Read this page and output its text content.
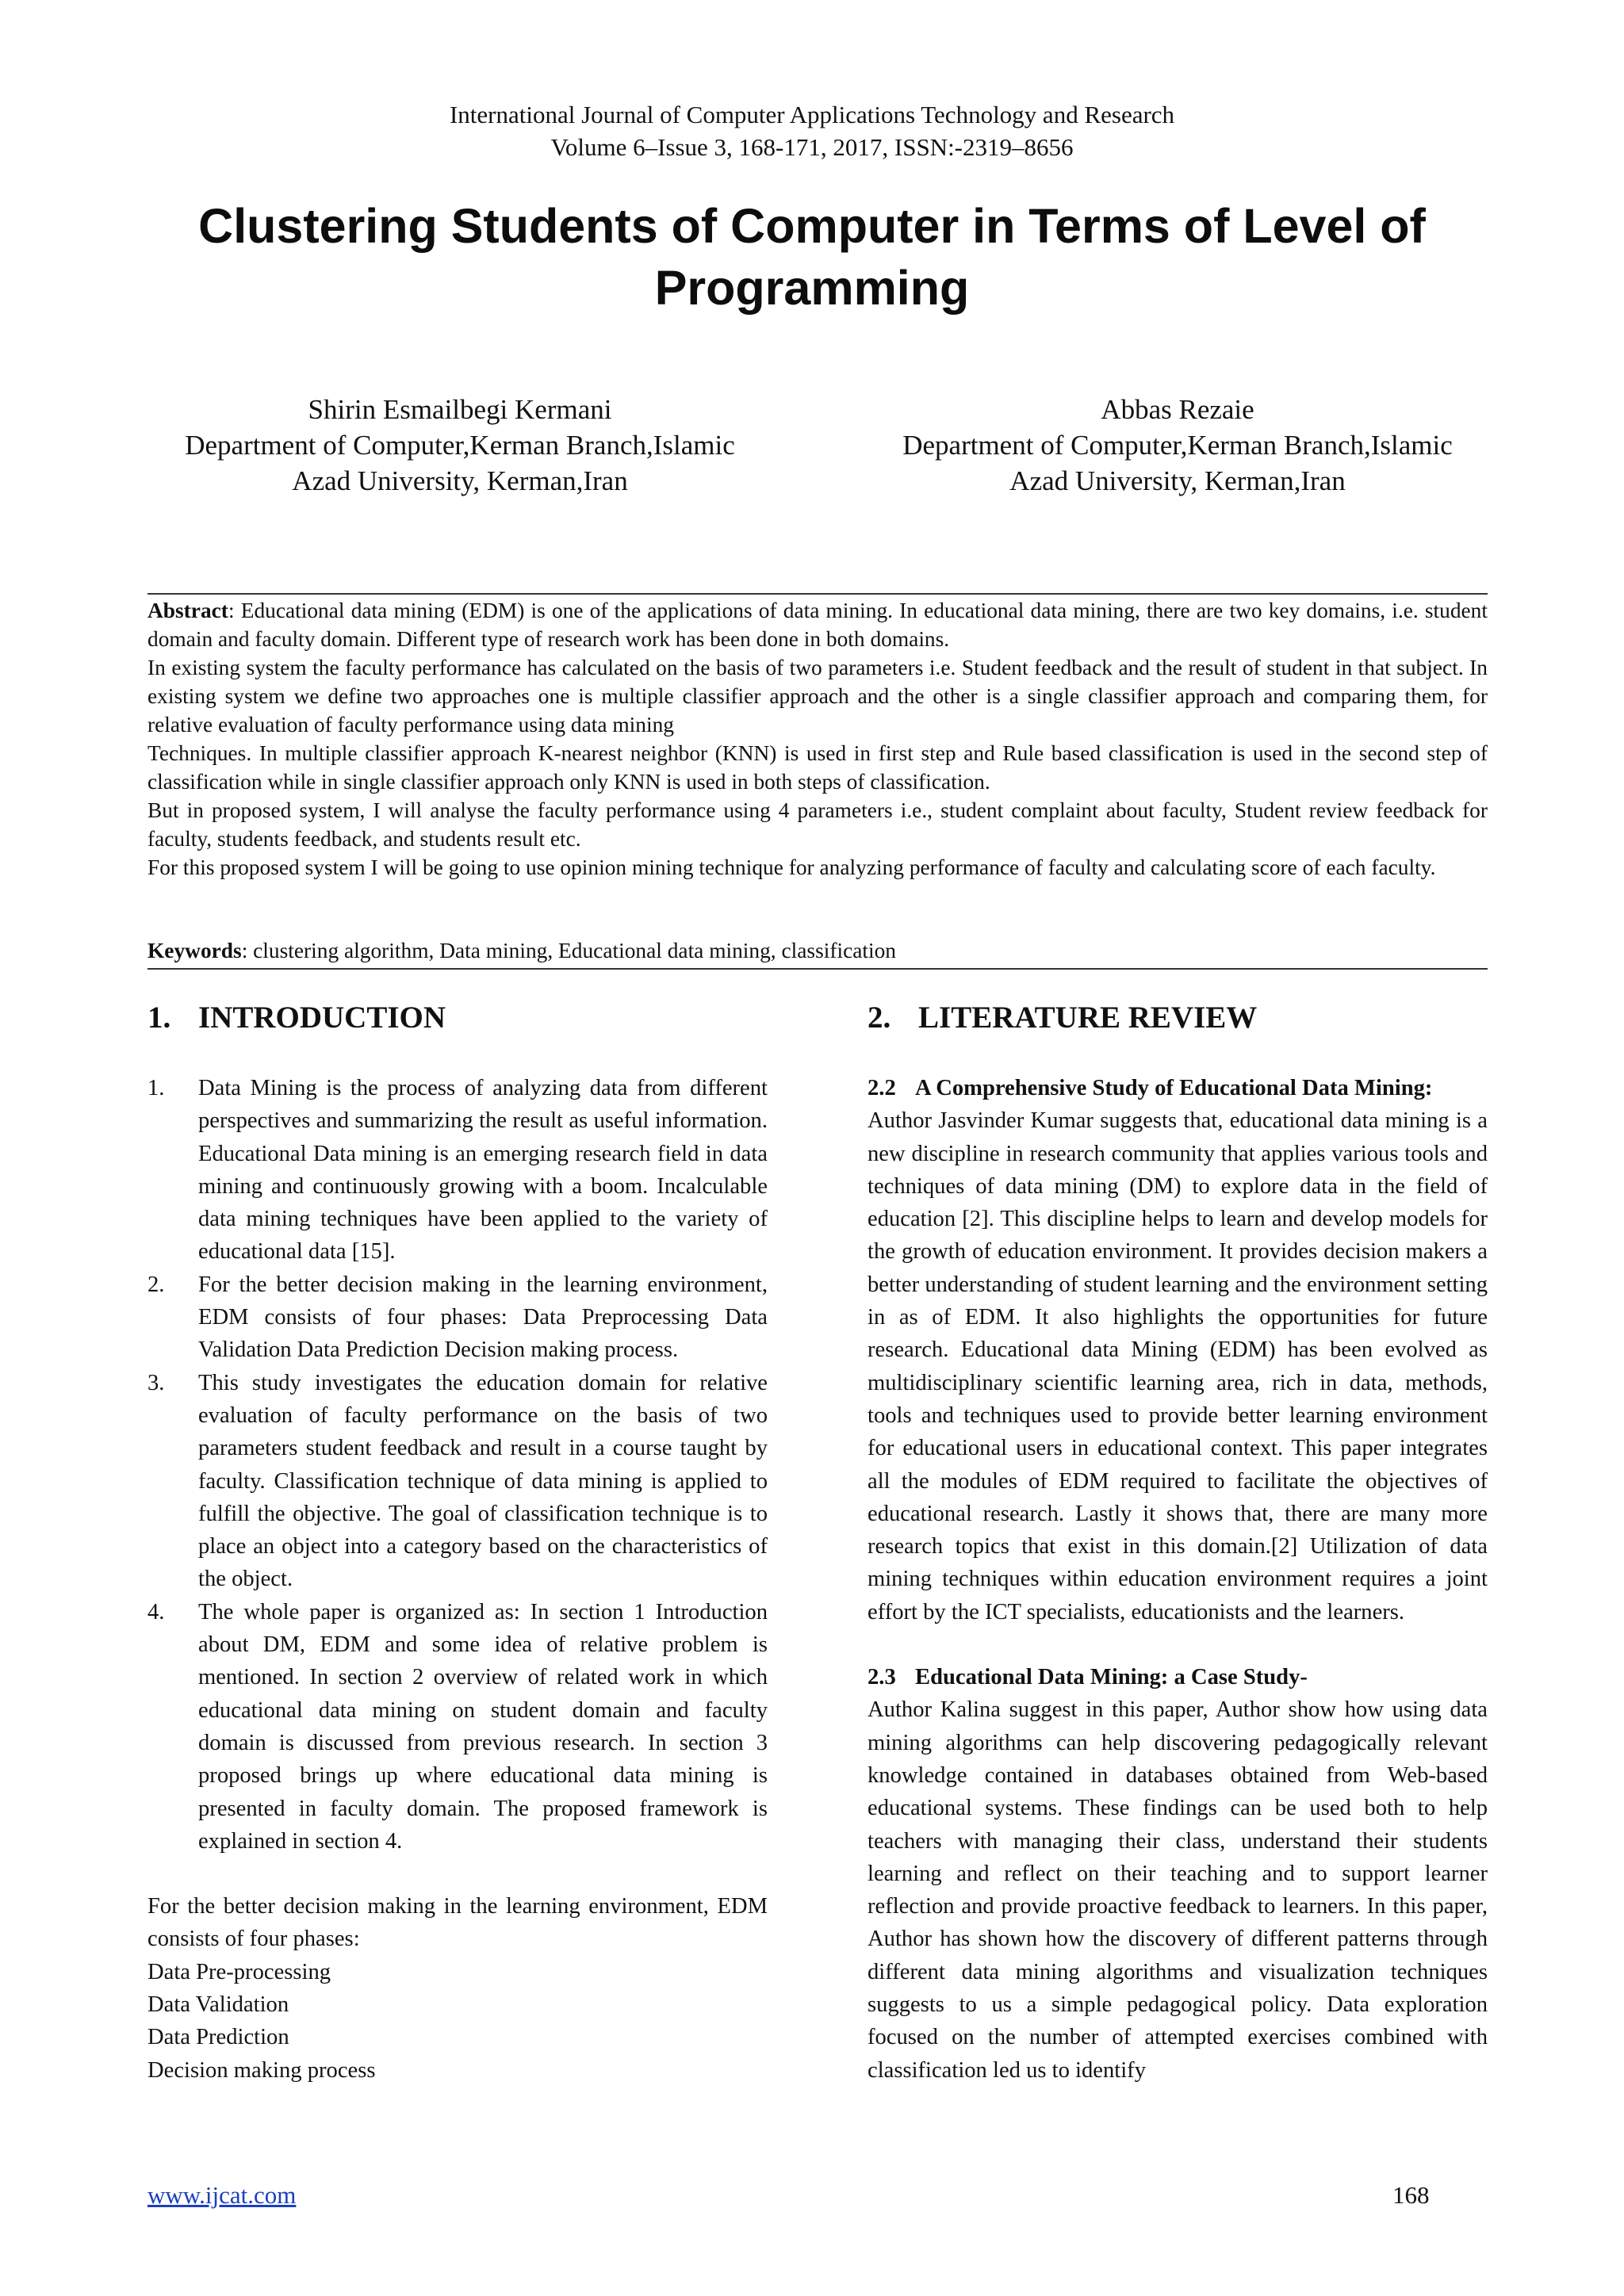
International Journal of Computer Applications Technology and Research
Volume 6–Issue 3, 168-171, 2017, ISSN:-2319–8656
Clustering Students of Computer in Terms of Level of
Programming
Shirin Esmailbegi Kermani
Department of Computer,Kerman Branch,Islamic
Azad University, Kerman,Iran
Abbas Rezaie
Department of Computer,Kerman Branch,Islamic
Azad University, Kerman,Iran

Abstract: Educational data mining (EDM) is one of the applications of data mining. In educational data mining, there are two key domains, i.e. student domain and faculty domain. Different type of research work has been done in both domains.

In existing system the faculty performance has calculated on the basis of two parameters i.e. Student feedback and the result of student in that subject. In existing system we define two approaches one is multiple classifier approach and the other is a single classifier approach and comparing them, for relative evaluation of faculty performance using data mining

Techniques. In multiple classifier approach K-nearest neighbor (KNN) is used in first step and Rule based classification is used in the second step of classification while in single classifier approach only KNN is used in both steps of classification.

But in proposed system, I will analyse the faculty performance using 4 parameters i.e., student complaint about faculty, Student review feedback for faculty, students feedback, and students result etc.

For this proposed system I will be going to use opinion mining technique for analyzing performance of faculty and calculating score of each faculty.

Keywords: clustering algorithm, Data mining, Educational data mining, classification
1. INTRODUCTION
1. Data Mining is the process of analyzing data from different perspectives and summarizing the result as useful information. Educational Data mining is an emerging research field in data mining and continuously growing with a boom. Incalculable data mining techniques have been applied to the variety of educational data [15].
2. For the better decision making in the learning environment, EDM consists of four phases: Data Preprocessing Data Validation Data Prediction Decision making process.
3. This study investigates the education domain for relative evaluation of faculty performance on the basis of two parameters student feedback and result in a course taught by faculty. Classification technique of data mining is applied to fulfill the objective. The goal of classification technique is to place an object into a category based on the characteristics of the object.
4. The whole paper is organized as: In section 1 Introduction about DM, EDM and some idea of relative problem is mentioned. In section 2 overview of related work in which educational data mining on student domain and faculty domain is discussed from previous research. In section 3 proposed brings up where educational data mining is presented in faculty domain. The proposed framework is explained in section 4.

For the better decision making in the learning environment, EDM consists of four phases:

Data Pre-processing

Data Validation

Data Prediction

Decision making process

2. LITERATURE REVIEW

2.2 A Comprehensive Study of Educational Data Mining:

Author Jasvinder Kumar suggests that, educational data mining is a new discipline in research community that applies various tools and techniques of data mining (DM) to explore data in the field of education [2]. This discipline helps to learn and develop models for the growth of education environment. It provides decision makers a better understanding of student learning and the environment setting in as of EDM. It also highlights the opportunities for future research. Educational data Mining (EDM) has been evolved as multidisciplinary scientific learning area, rich in data, methods, tools and techniques used to provide better learning environment for educational users in educational context. This paper integrates all the modules of EDM required to facilitate the objectives of educational research. Lastly it shows that, there are many more research topics that exist in this domain.[2] Utilization of data mining techniques within education environment requires a joint effort by the ICT specialists, educationists and the learners.

2.3 Educational Data Mining: a Case Study-

Author Kalina suggest in this paper, Author show how using data mining algorithms can help discovering pedagogically relevant knowledge contained in databases obtained from Web-based educational systems. These findings can be used both to help teachers with managing their class, understand their students learning and reflect on their teaching and to support learner reflection and provide proactive feedback to learners. In this paper, Author has shown how the discovery of different patterns through different data mining algorithms and visualization techniques suggests to us a simple pedagogical policy. Data exploration focused on the number of attempted exercises combined with classification led us to identify

www.ijcat.com	168
